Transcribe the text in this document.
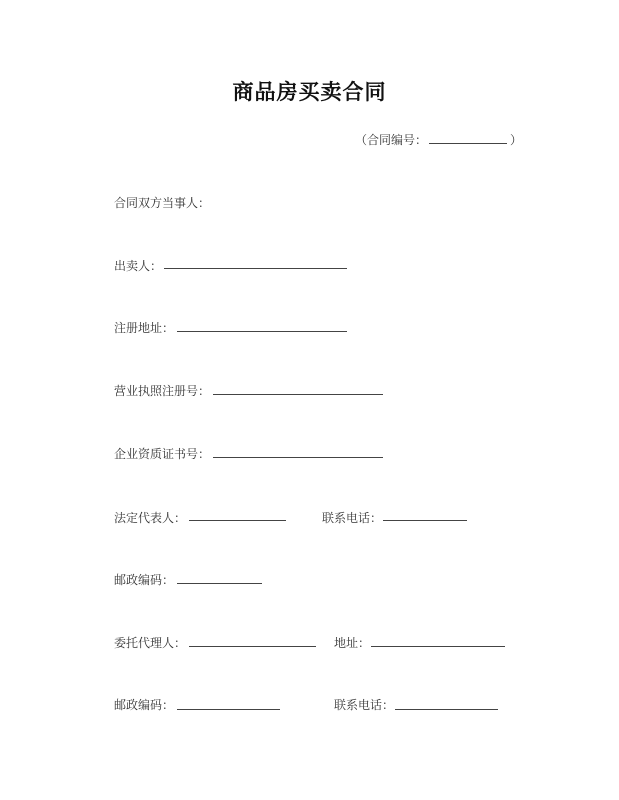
商品房买卖合同
（合同编号：	）
合同双方当事人：
出卖人：
注册地址：
营业执照注册号：
企业资质证书号：
法定代表人：	联系电话：
邮政编码：
委托代理人：	地址：
邮政编码：	联系电话：
